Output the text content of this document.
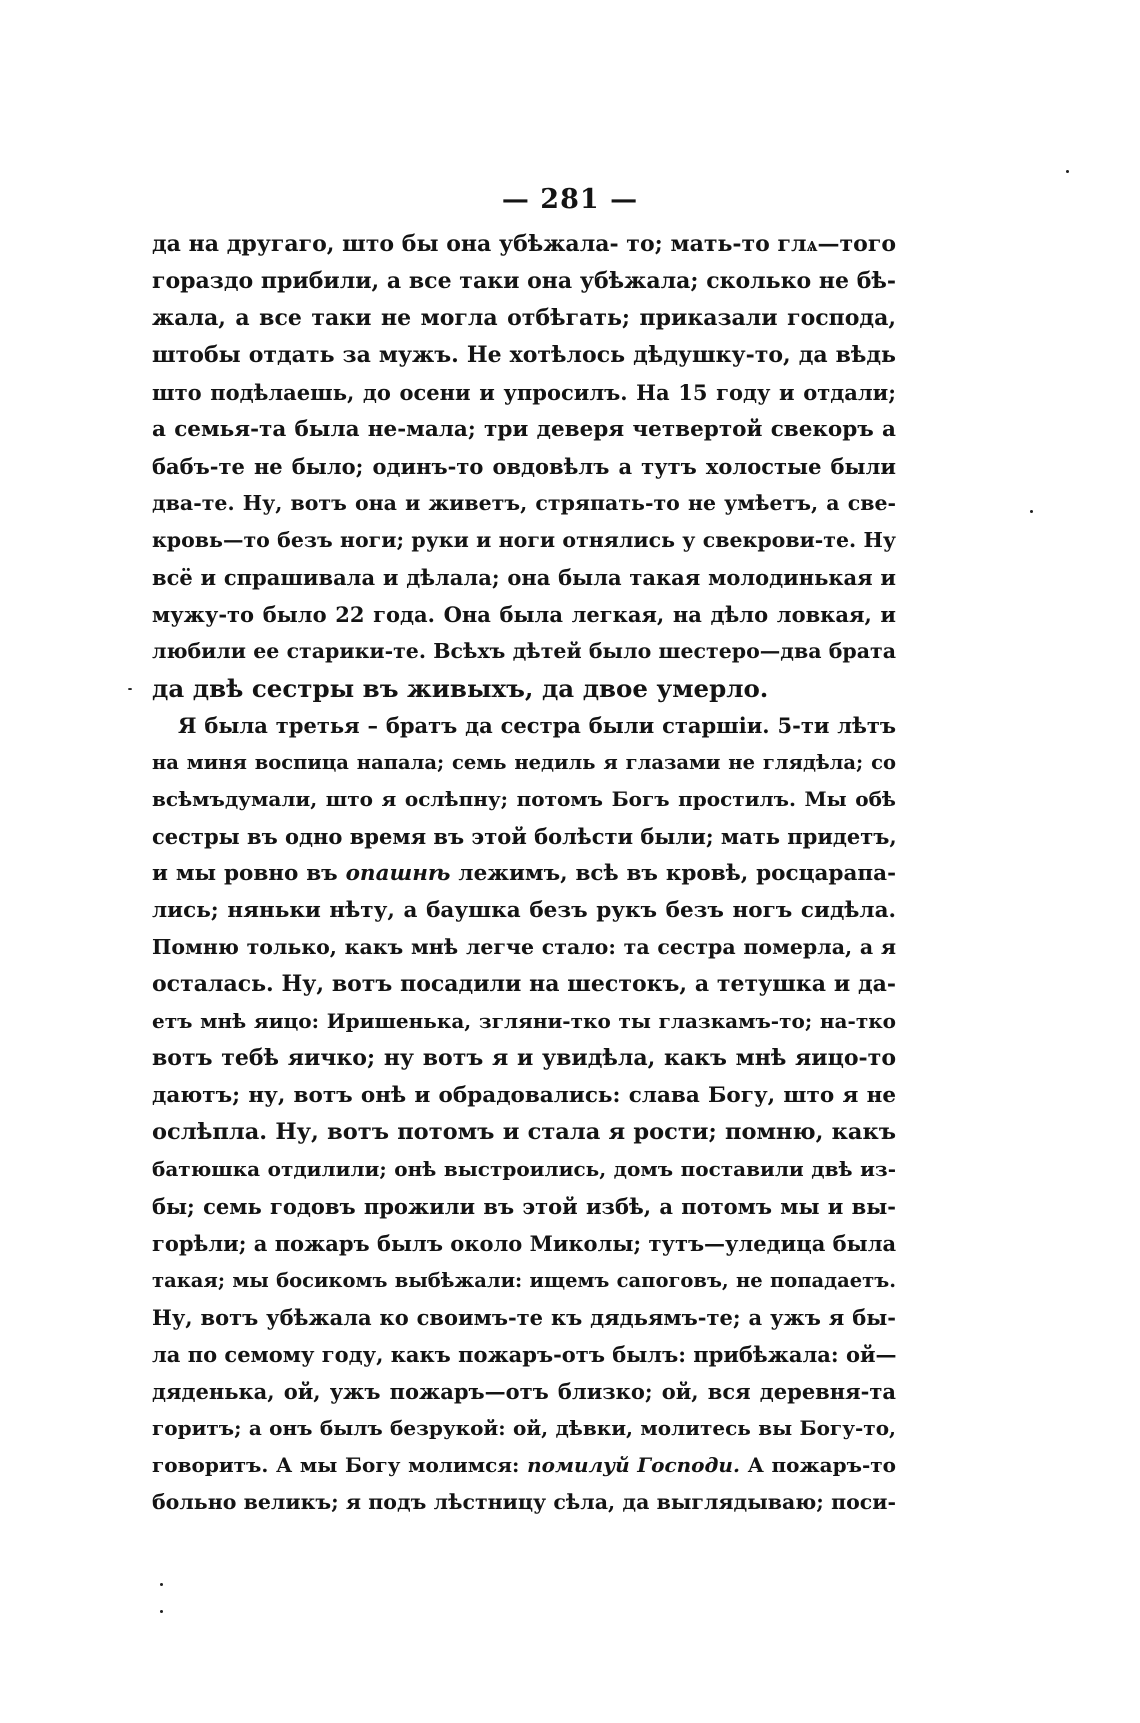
— 281 —
да на другаго, што бы она убѣжала- то; мать-то глѧ—того
гораздо прибили, а все таки она убѣжала; сколько не бѣ-
жала, а все таки не могла отбѣгать; приказали господа,
штобы отдать за мужъ. Не хотѣлось дѣдушку-то, да вѣдь
што подѣлаешь, до осени и упросилъ. На 15 году и отдали;
а семья-та была не-мала; три деверя четвертой свекоръ а
бабъ-те не было; одинъ-то овдовѣлъ а тутъ холостые были
два-те. Ну, вотъ она и живетъ, стряпать-то не умѣетъ, а све-
кровь—то безъ ноги; руки и ноги отнялись у свекрови-те. Ну
всё и спрашивала и дѣлала; она была такая молодинькая и
мужу-то было 22 года. Она была легкая, на дѣло ловкая, и
любили ее старики-те. Всѣхъ дѣтей было шестеро—два брата
да двѣ сестры въ живыхъ, да двое умерло.
Я была третья – братъ да сестра были старшіи. 5-ти лѣтъ
на миня воспица напала; семь недиль я глазами не глядѣла; со
всѣмъдумали, што я ослѣпну; потомъ Богъ простилъ. Мы обѣ
сестры въ одно время въ этой болѣсти были; мать придетъ,
и мы ровно въ опашнѣ лежимъ, всѣ въ кровѣ, росцарапа-
лись; няньки нѣту, а баушка безъ рукъ безъ ногъ сидѣла.
Помню только, какъ мнѣ легче стало: та сестра померла, а я
осталась. Ну, вотъ посадили на шестокъ, а тетушка и да-
етъ мнѣ яицо: Иришенька, згляни-тко ты глазкамъ-то; на-тко
вотъ тебѣ яичко; ну вотъ я и увидѣла, какъ мнѣ яицо-то
даютъ; ну, вотъ онѣ и обрадовались: слава Богу, што я не
ослѣпла. Ну, вотъ потомъ и стала я рости; помню, какъ
батюшка отдилили; онѣ выстроились, домъ поставили двѣ из-
бы; семь годовъ прожили въ этой избѣ, а потомъ мы и вы-
горѣли; а пожаръ былъ около Миколы; тутъ—уледица была
такая; мы босикомъ выбѣжали: ищемъ сапоговъ, не попадаетъ.
Ну, вотъ убѣжала ко своимъ-те къ дядьямъ-те; а ужъ я бы-
ла по семому году, какъ пожаръ-отъ былъ: прибѣжала: ой—
дяденька, ой, ужъ пожаръ—отъ близко; ой, вся деревня-та
горитъ; а онъ былъ безрукой: ой, дѣвки, молитесь вы Богу-то,
говоритъ. А мы Богу молимся: помилуй Господи. А пожаръ-то
больно великъ; я подъ лѣстницу сѣла, да выглядываю; поси-
